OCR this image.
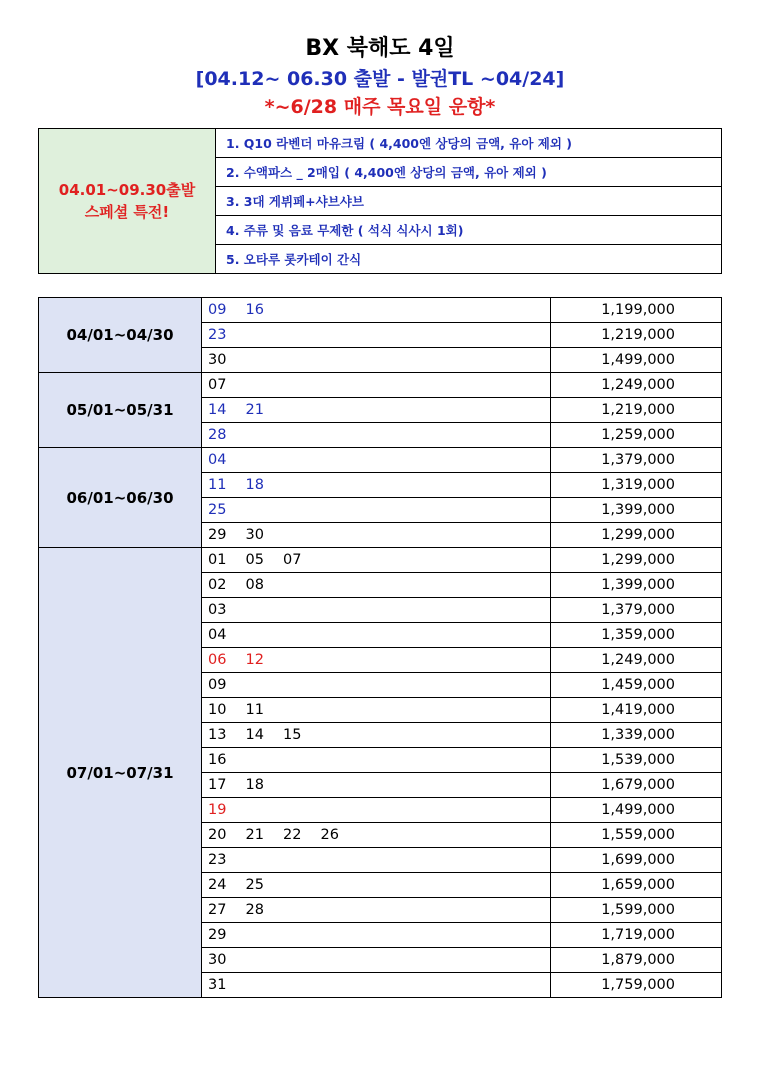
BX 북해도 4일
[04.12~ 06.30 출발 - 발권TL ~04/24]
*~6/28 매주 목요일 운항*
04.01~09.30출발
스페셜 특전!
	1. Q10 라벤더 마유크림 ( 4,400엔 상당의 금액, 유아 제외 )
2. 수액파스 _ 2매입 ( 4,400엔 상당의 금액, 유아 제외 )
3. 3대 게뷔페+샤브샤브
4. 주류 및 음료 무제한 ( 석식 식사시 1회)
5. 오타루 롯카테이 간식
04/01~04/30	09 16	1,199,000
	23	1,219,000
	30	1,499,000
05/01~05/31	07	1,249,000
	14 21	1,219,000
	28	1,259,000
06/01~06/30	04	1,379,000
	11 18	1,319,000
	25	1,399,000
	29 30	1,299,000
07/01~07/31	01 05 07	1,299,000
	02 08	1,399,000
	03	1,379,000
	04	1,359,000
	06 12	1,249,000
	09	1,459,000
	10 11	1,419,000
	13 14 15	1,339,000
	16	1,539,000
	17 18	1,679,000
	19	1,499,000
	20 21 22 26	1,559,000
	23	1,699,000
	24 25	1,659,000
	27 28	1,599,000
	29	1,719,000
	30	1,879,000
	31	1,759,000
